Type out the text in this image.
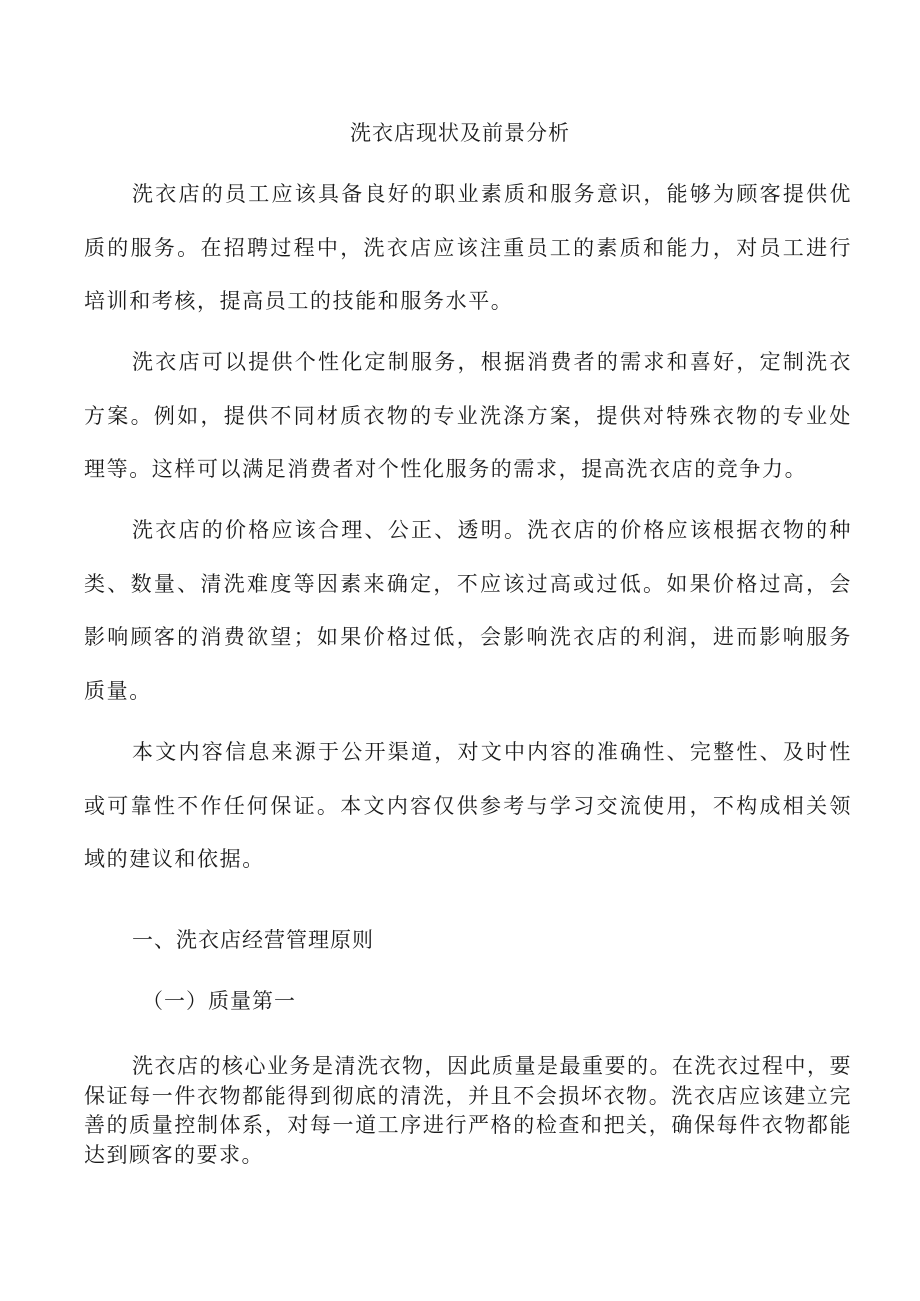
洗衣店现状及前景分析

洗衣店的员工应该具备良好的职业素质和服务意识，能够为顾客提供优质的服务。在招聘过程中，洗衣店应该注重员工的素质和能力，对员工进行培训和考核，提高员工的技能和服务水平。

洗衣店可以提供个性化定制服务，根据消费者的需求和喜好，定制洗衣方案。例如，提供不同材质衣物的专业洗涤方案，提供对特殊衣物的专业处理等。这样可以满足消费者对个性化服务的需求，提高洗衣店的竞争力。

洗衣店的价格应该合理、公正、透明。洗衣店的价格应该根据衣物的种类、数量、清洗难度等因素来确定，不应该过高或过低。如果价格过高，会影响顾客的消费欲望；如果价格过低，会影响洗衣店的利润，进而影响服务质量。

本文内容信息来源于公开渠道，对文中内容的准确性、完整性、及时性或可靠性不作任何保证。本文内容仅供参考与学习交流使用，不构成相关领域的建议和依据。

一、洗衣店经营管理原则
（一）质量第一

洗衣店的核心业务是清洗衣物，因此质量是最重要的。在洗衣过程中，要保证每一件衣物都能得到彻底的清洗，并且不会损坏衣物。洗衣店应该建立完善的质量控制体系，对每一道工序进行严格的检查和把关，确保每件衣物都能达到顾客的要求。
